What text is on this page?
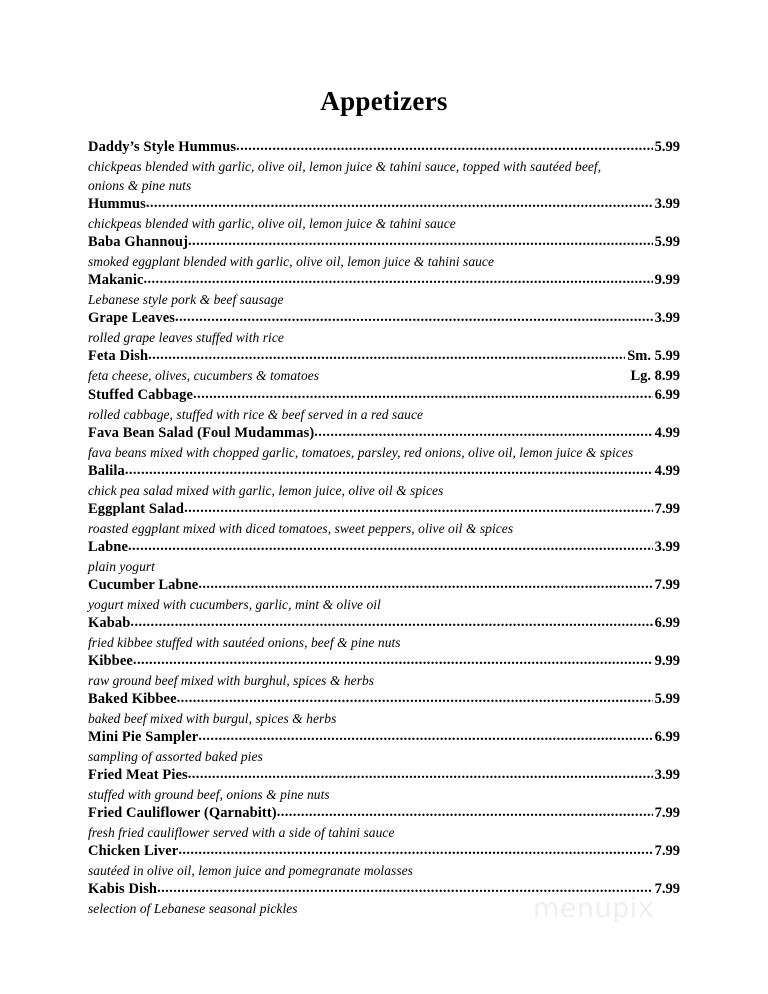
Appetizers
Daddy’s Style Hummus .....	5.99
chickpeas blended with garlic, olive oil, lemon juice & tahini sauce, topped with sautéed beef,
onions & pine nuts
Hummus .....	3.99
chickpeas blended with garlic, olive oil, lemon juice & tahini sauce
Baba Ghannouj .....	5.99
smoked eggplant blended with garlic, olive oil, lemon juice & tahini sauce
Makanic .....	9.99
Lebanese style pork & beef sausage
Grape Leaves .....	3.99
rolled grape leaves stuffed with rice
Feta Dish .....	Sm. 5.99
feta cheese, olives, cucumbers & tomatoes	Lg. 8.99
Stuffed Cabbage .....	6.99
rolled cabbage, stuffed with rice & beef served in a red sauce
Fava Bean Salad (Foul Mudammas) .....	4.99
fava beans mixed with chopped garlic, tomatoes, parsley, red onions, olive oil, lemon juice & spices
Balila .....	4.99
chick pea salad mixed with garlic, lemon juice, olive oil & spices
Eggplant Salad .....	7.99
roasted eggplant mixed with diced tomatoes, sweet peppers, olive oil & spices
Labne .....	3.99
plain yogurt
Cucumber Labne .....	7.99
yogurt mixed with cucumbers, garlic, mint & olive oil
Kabab .....	6.99
fried kibbee stuffed with sautéed onions, beef & pine nuts
Kibbee .....	9.99
raw ground beef mixed with burghul, spices & herbs
Baked Kibbee .....	5.99
baked beef mixed with burgul, spices & herbs
Mini Pie Sampler .....	6.99
sampling of assorted baked pies
Fried Meat Pies .....	3.99
stuffed with ground beef, onions & pine nuts
Fried Cauliflower (Qarnabitt) .....	7.99
fresh fried cauliflower served with a side of tahini sauce
Chicken Liver .....	7.99
sautéed in olive oil, lemon juice and pomegranate molasses
Kabis Dish .....	7.99
selection of Lebanese seasonal pickles	menupix
